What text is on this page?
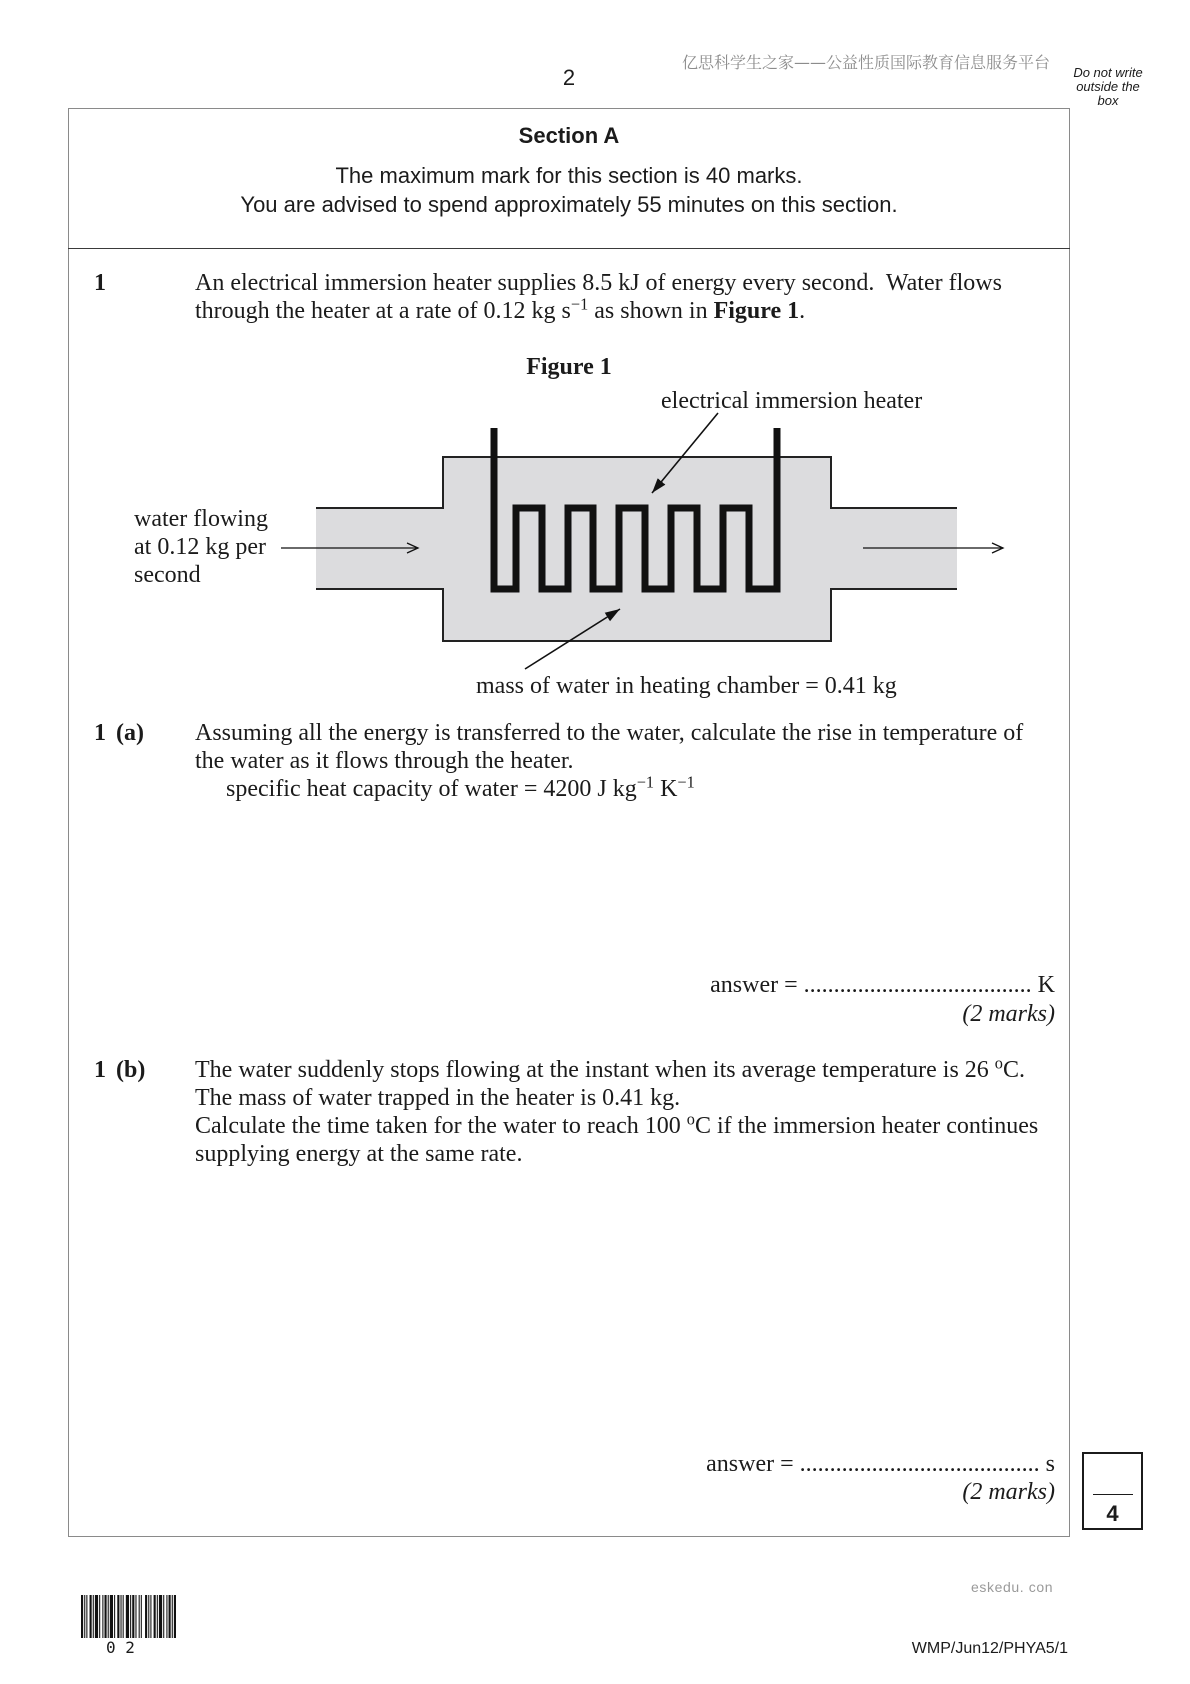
2
亿思科学生之家——公益性质国际教育信息服务平台
Do not write
outside the
box
Section A
The maximum mark for this section is 40 marks.
You are advised to spend approximately 55 minutes on this section.
1	An electrical immersion heater supplies 8.5 kJ of energy every second.  Water flows
through the heater at a rate of 0.12 kg $s^{-1}$ as shown in Figure 1.
Figure 1
electrical immersion heater
water flowing
at 0.12 kg per
second
mass of water in heating chamber = 0.41 kg
1 (a) Assuming all the energy is transferred to the water, calculate the rise in temperature of
the water as it flows through the heater.
specific heat capacity of water = 4200 J $kg^{-1}$ $K^{-1}$
answer = ...................................... K
(2 marks)
1 (b) The water suddenly stops flowing at the instant when its average temperature is 26 $^o$C.
The mass of water trapped in the heater is 0.41 kg.
Calculate the time taken for the water to reach 100 $^o$C if the immersion heater continues
supplying energy at the same rate.
answer = ........................................ s
(2 marks)
4
eskedu. con
0 2	WMP/Jun12/PHYA5/1
